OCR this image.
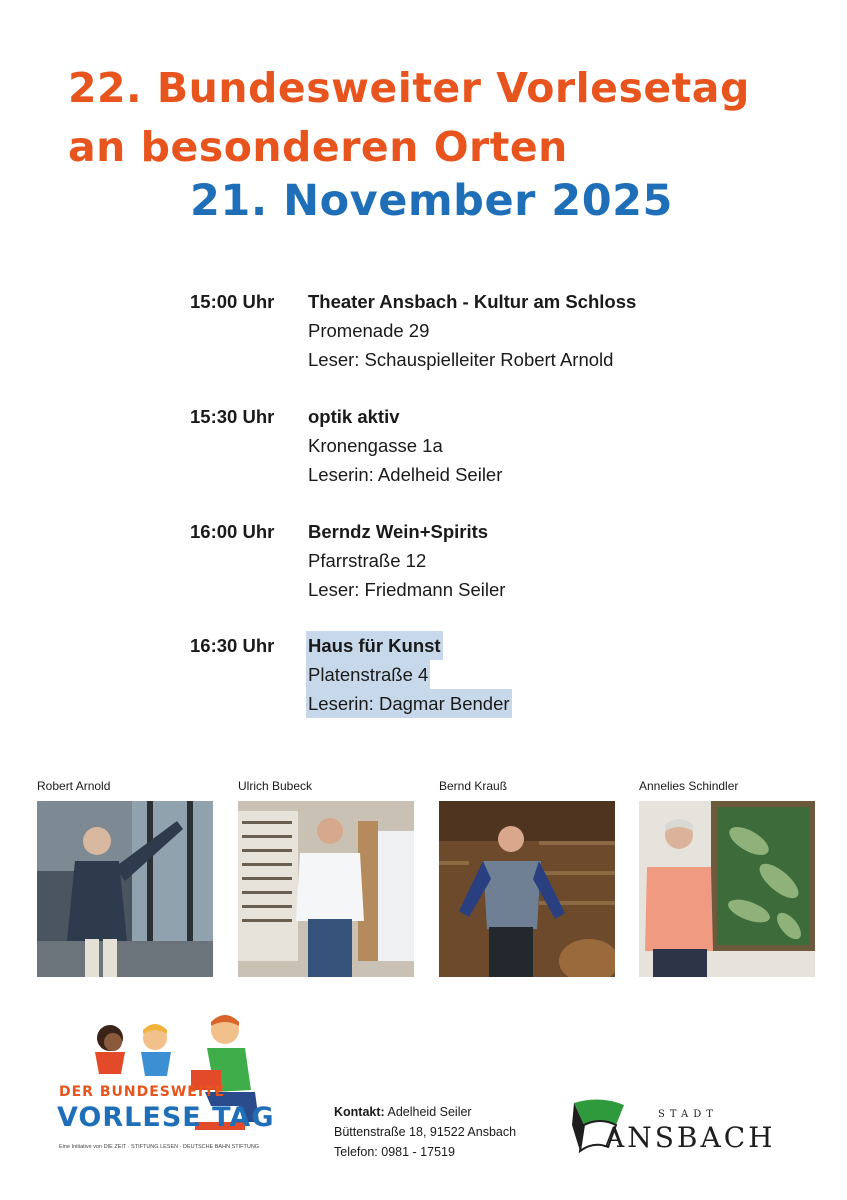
22. Bundesweiter Vorlesetag
an besonderen Orten
21. November 2025
15:00 Uhr Theater Ansbach - Kultur am Schloss
Promenade 29
Leser: Schauspielleiter Robert Arnold
15:30 Uhr optik aktiv
Kronengasse 1a
Leserin: Adelheid Seiler
16:00 Uhr Berndz Wein+Spirits
Pfarrstraße 12
Leser: Friedmann Seiler
16:30 Uhr Haus für Kunst
Platenstraße 4
Leserin: Dagmar Bender
Robert Arnold	Ulrich Bubeck	Bernd Krauß	Annelies Schindler
DER BUNDESWEITE
VORLESE TAG
Eine Initiative von DIE ZEIT · STIFTUNG LESEN · DEUTSCHE BAHN STIFTUNG
Kontakt: Adelheid Seiler
Büttenstraße 18, 91522 Ansbach
Telefon: 0981 - 17519
STADT
ANSBACH
